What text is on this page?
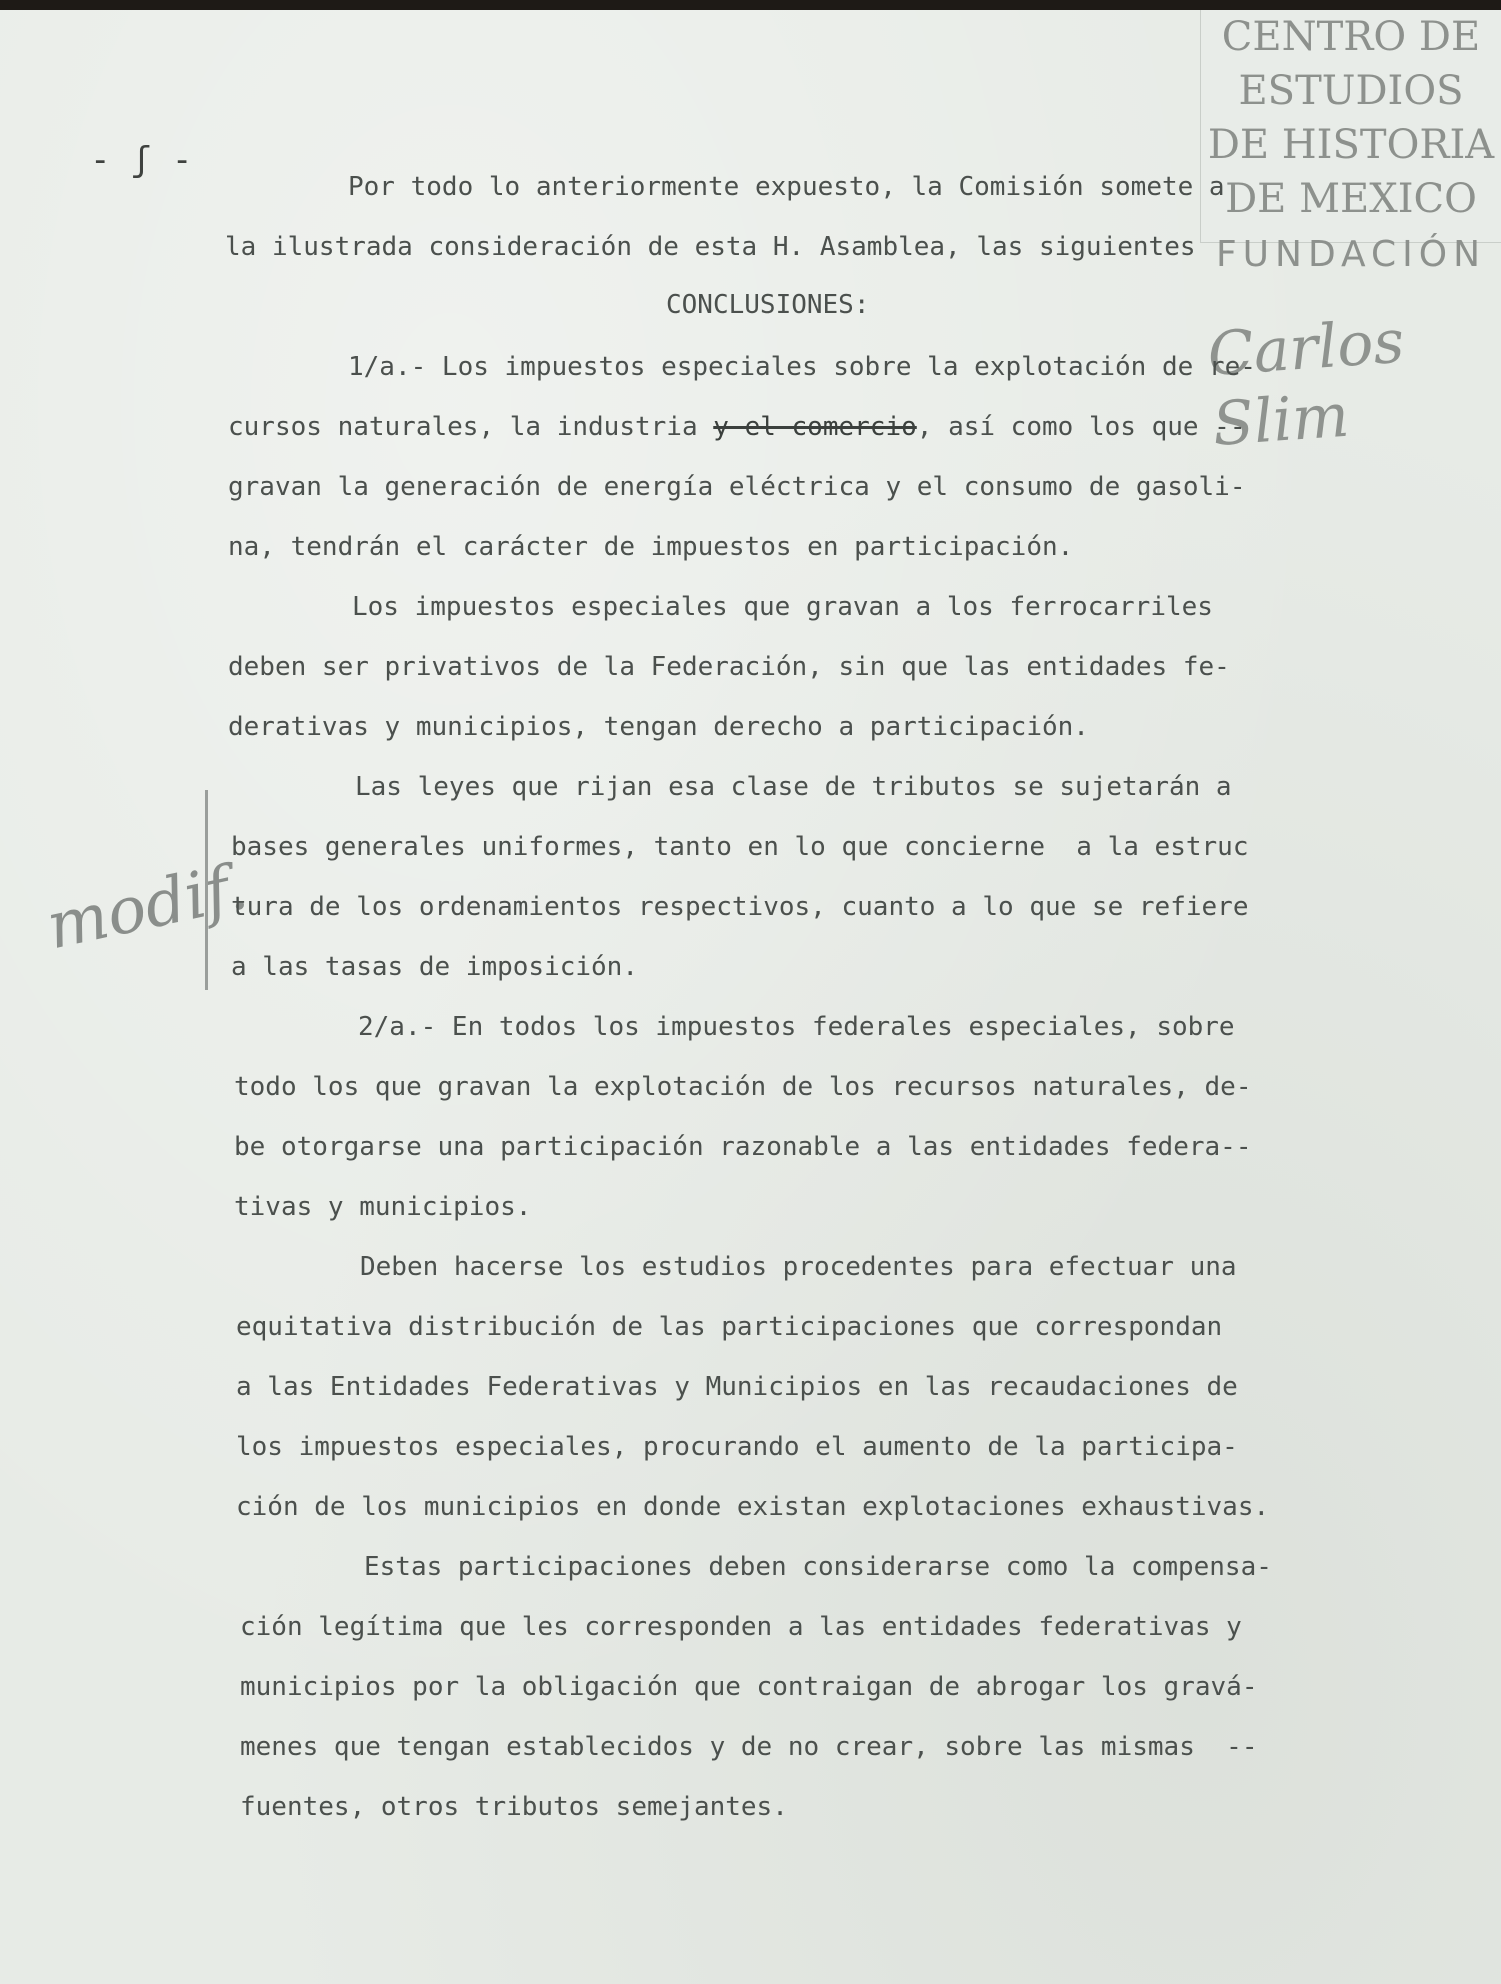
CENTRO DE
ESTUDIOS
DE HISTORIA
DE MEXICO
FUNDACIÓN
Carlos Slim
- ʃ -
modif.

Por todo lo anteriormente expuesto, la Comisión somete a

la ilustrada consideración de esta H. Asamblea, las siguientes

CONCLUSIONES:

1/a.- Los impuestos especiales sobre la explotación de re-

cursos naturales, la industria y el comercio, así como los que --

gravan la generación de energía eléctrica y el consumo de gasoli-

na, tendrán el carácter de impuestos en participación.

Los impuestos especiales que gravan a los ferrocarriles

deben ser privativos de la Federación, sin que las entidades fe-

derativas y municipios, tengan derecho a participación.

Las leyes que rijan esa clase de tributos se sujetarán a

bases generales uniformes, tanto en lo que concierne  a la estruc

tura de los ordenamientos respectivos, cuanto a lo que se refiere

a las tasas de imposición.

2/a.- En todos los impuestos federales especiales, sobre

todo los que gravan la explotación de los recursos naturales, de-

be otorgarse una participación razonable a las entidades federa--

tivas y municipios.

Deben hacerse los estudios procedentes para efectuar una

equitativa distribución de las participaciones que correspondan

a las Entidades Federativas y Municipios en las recaudaciones de

los impuestos especiales, procurando el aumento de la participa-

ción de los municipios en donde existan explotaciones exhaustivas.

Estas participaciones deben considerarse como la compensa-

ción legítima que les corresponden a las entidades federativas y

municipios por la obligación que contraigan de abrogar los gravá-

menes que tengan establecidos y de no crear, sobre las mismas  --

fuentes, otros tributos semejantes.
